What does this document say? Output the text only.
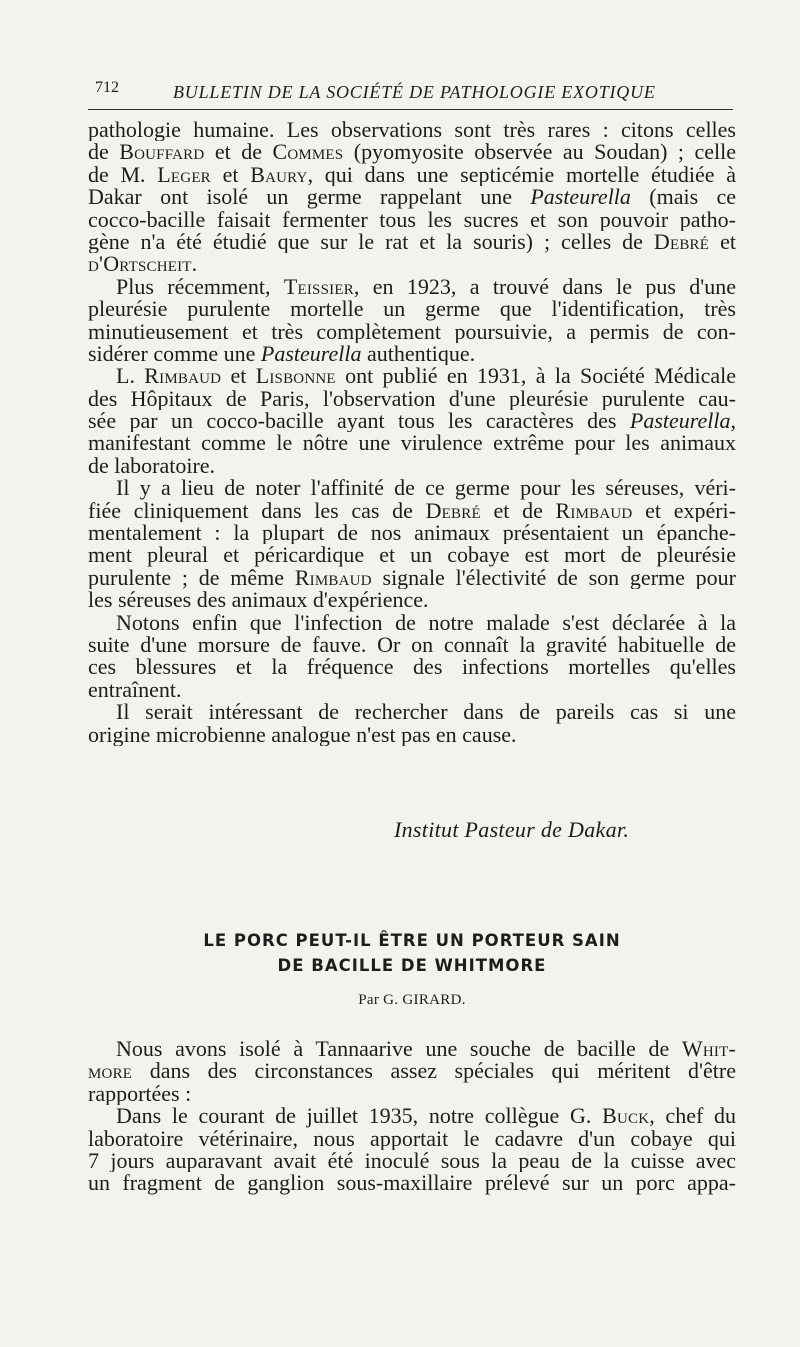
712	BULLETIN DE LA SOCIÉTÉ DE PATHOLOGIE EXOTIQUE
pathologie humaine. Les observations sont très rares : citons celles
de Bouffard et de Commes (pyomyosite observée au Soudan) ; celle
de M. Leger et Baury, qui dans une septicémie mortelle étudiée à
Dakar ont isolé un germe rappelant une Pasteurella (mais ce
cocco-bacille faisait fermenter tous les sucres et son pouvoir patho-
gène n'a été étudié que sur le rat et la souris) ; celles de Debré et
d'Ortscheit.
Plus récemment, Teissier, en 1923, a trouvé dans le pus d'une
pleurésie purulente mortelle un germe que l'identification, très
minutieusement et très complètement poursuivie, a permis de con-
sidérer comme une Pasteurella authentique.
L. Rimbaud et Lisbonne ont publié en 1931, à la Société Médicale
des Hôpitaux de Paris, l'observation d'une pleurésie purulente cau-
sée par un cocco-bacille ayant tous les caractères des Pasteurella,
manifestant comme le nôtre une virulence extrême pour les animaux
de laboratoire.
Il y a lieu de noter l'affinité de ce germe pour les séreuses, véri-
fiée cliniquement dans les cas de Debré et de Rimbaud et expéri-
mentalement : la plupart de nos animaux présentaient un épanche-
ment pleural et péricardique et un cobaye est mort de pleurésie
purulente ; de même Rimbaud signale l'électivité de son germe pour
les séreuses des animaux d'expérience.
Notons enfin que l'infection de notre malade s'est déclarée à la
suite d'une morsure de fauve. Or on connaît la gravité habituelle de
ces blessures et la fréquence des infections mortelles qu'elles
entraînent.
Il serait intéressant de rechercher dans de pareils cas si une
origine microbienne analogue n'est pas en cause.
Institut Pasteur de Dakar.
LE PORC PEUT-IL ÊTRE UN PORTEUR SAIN
DE BACILLE DE WHITMORE
Par G. GIRARD.
Nous avons isolé à Tannaarive une souche de bacille de Whit-
more dans des circonstances assez spéciales qui méritent d'être
rapportées :
Dans le courant de juillet 1935, notre collègue G. Buck, chef du
laboratoire vétérinaire, nous apportait le cadavre d'un cobaye qui
7 jours auparavant avait été inoculé sous la peau de la cuisse avec
un fragment de ganglion sous-maxillaire prélevé sur un porc appa-
